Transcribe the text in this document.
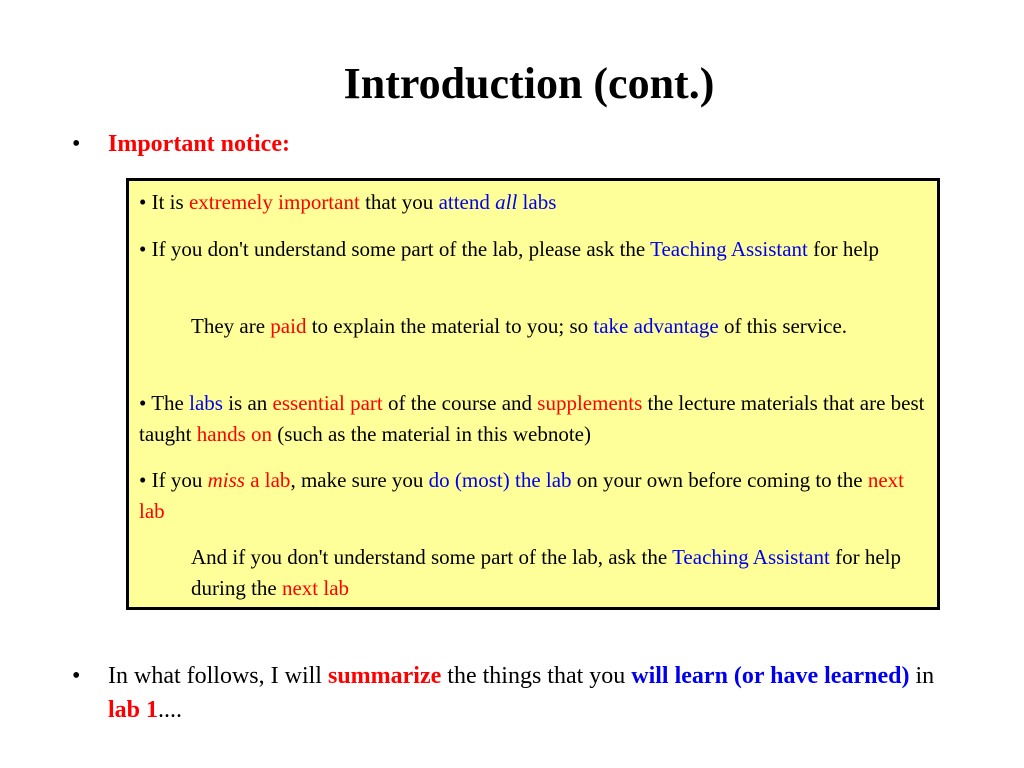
Introduction (cont.)
• Important notice:
• It is extremely important that you attend all labs
• If you don't understand some part of the lab, please ask the Teaching Assistant for help
They are paid to explain the material to you; so take advantage of this service.
• The labs is an essential part of the course and supplements the lecture materials that are best taught hands on (such as the material in this webnote)
• If you miss a lab, make sure you do (most) the lab on your own before coming to the next lab
And if you don't understand some part of the lab, ask the Teaching Assistant for help during the next lab
• In what follows, I will summarize the things that you will learn (or have learned) in lab 1....
